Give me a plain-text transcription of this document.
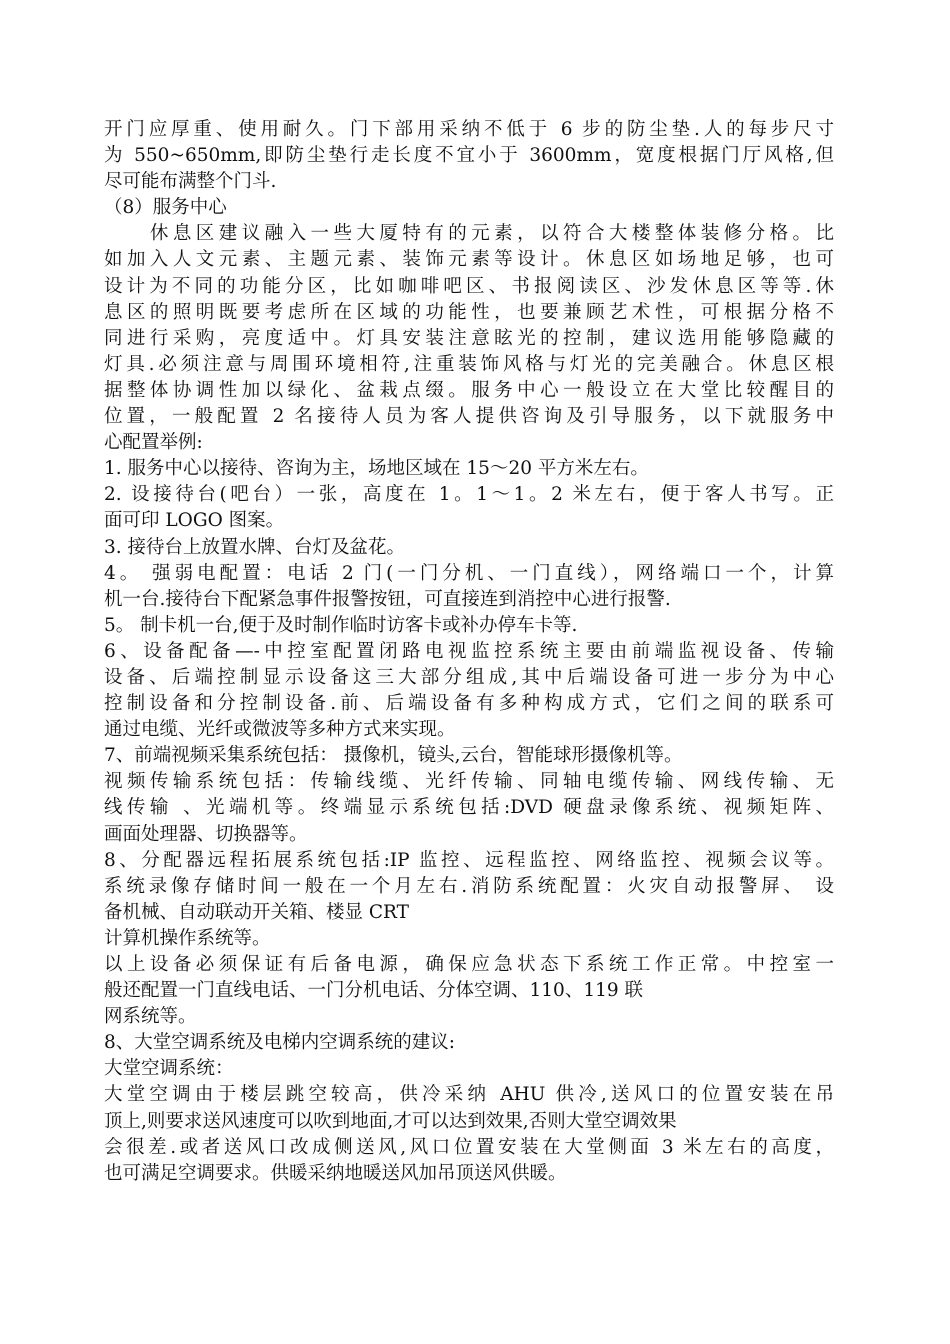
开门应厚重、使用耐久。门下部用采纳不低于 6 步的防尘垫.人的每步尺寸
为 550~650mm,即防尘垫行走长度不宜小于 3600mm，宽度根据门厅风格,但
尽可能布满整个门斗.
（8）服务中心
　　休息区建议融入一些大厦特有的元素，以符合大楼整体装修分格。比
如加入人文元素、主题元素、装饰元素等设计。休息区如场地足够，也可
设计为不同的功能分区，比如咖啡吧区、书报阅读区、沙发休息区等等.休
息区的照明既要考虑所在区域的功能性，也要兼顾艺术性，可根据分格不
同进行采购，亮度适中。灯具安装注意眩光的控制，建议选用能够隐藏的
灯具.必须注意与周围环境相符,注重装饰风格与灯光的完美融合。休息区根
据整体协调性加以绿化、盆栽点缀。服务中心一般设立在大堂比较醒目的
位置，一般配置 2 名接待人员为客人提供咨询及引导服务，以下就服务中
心配置举例:
1. 服务中心以接待、咨询为主，场地区域在 15～20 平方米左右。
2. 设接待台(吧台）一张，高度在 1。1～1。2 米左右，便于客人书写。正
面可印 LOGO 图案。
3. 接待台上放置水牌、台灯及盆花。
4。 强弱电配置：电话 2 门(一门分机、一门直线），网络端口一个，计算
机一台.接待台下配紧急事件报警按钮，可直接连到消控中心进行报警.
5。 制卡机一台,便于及时制作临时访客卡或补办停车卡等.
6、设备配备—-中控室配置闭路电视监控系统主要由前端监视设备、传输
设备、后端控制显示设备这三大部分组成,其中后端设备可进一步分为中心
控制设备和分控制设备.前、后端设备有多种构成方式，它们之间的联系可
通过电缆、光纤或微波等多种方式来实现。
7、前端视频采集系统包括： 摄像机，镜头,云台，智能球形摄像机等。
视频传输系统包括：传输线缆、光纤传输、同轴电缆传输、网线传输、无
线传输 、光端机等。终端显示系统包括:DVD 硬盘录像系统、视频矩阵、
画面处理器、切换器等。
8、分配器远程拓展系统包括:IP 监控、远程监控、网络监控、视频会议等。
系统录像存储时间一般在一个月左右.消防系统配置：火灾自动报警屏、 设
备机械、自动联动开关箱、楼显 CRT
计算机操作系统等。
以上设备必须保证有后备电源，确保应急状态下系统工作正常。中控室一
般还配置一门直线电话、一门分机电话、分体空调、110、119 联
网系统等。
8、大堂空调系统及电梯内空调系统的建议:
大堂空调系统：
大堂空调由于楼层跳空较高，供冷采纳 AHU 供冷,送风口的位置安装在吊
顶上,则要求送风速度可以吹到地面,才可以达到效果,否则大堂空调效果
会很差.或者送风口改成侧送风,风口位置安装在大堂侧面 3 米左右的高度，
也可满足空调要求。供暖采纳地暖送风加吊顶送风供暖。
